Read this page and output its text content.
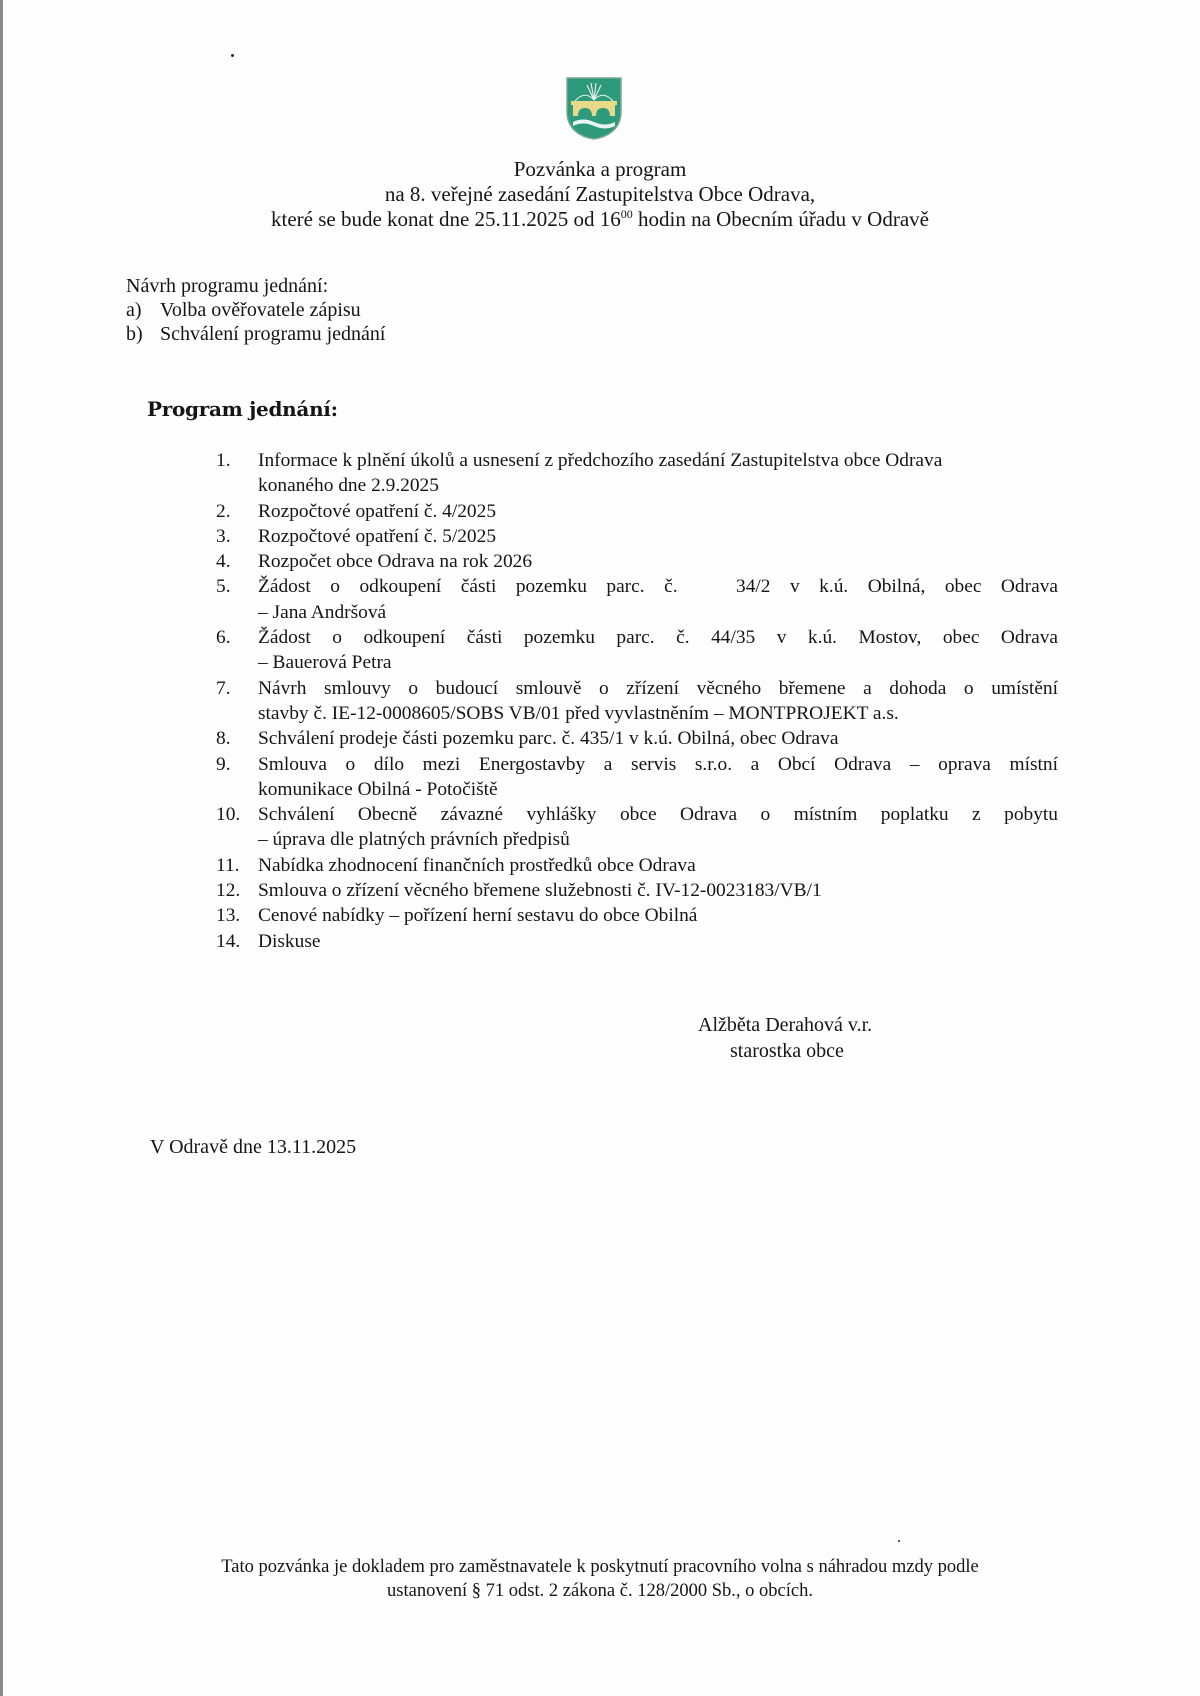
Pozvánka a program
na 8. veřejné zasedání Zastupitelstva Obce Odrava,
které se bude konat dne 25.11.2025 od $16^{00}$ hodin na Obecním úřadu v Odravě
Návrh programu jednání:
a) Volba ověřovatele zápisu
b) Schválení programu jednání
Program jednání:
1.	Informace k plnění úkolů a usnesení z předchozího zasedání Zastupitelstva obce Odrava
konaného dne 2.9.2025
2.	Rozpočtové opatření č. 4/2025
3.	Rozpočtové opatření č. 5/2025
4.	Rozpočet obce Odrava na rok 2026
5.	Žádost o odkoupení části pozemku parc. č.   34/2 v k.ú. Obilná, obec Odrava
– Jana Andršová
6.	Žádost o odkoupení části pozemku parc. č. 44/35 v k.ú. Mostov, obec Odrava
– Bauerová Petra
7.	Návrh smlouvy o budoucí smlouvě o zřízení věcného břemene a dohoda o umístění
stavby č. IE-12-0008605/SOBS VB/01 před vyvlastněním – MONTPROJEKT a.s.
8.	Schválení prodeje části pozemku parc. č. 435/1 v k.ú. Obilná, obec Odrava
9.	Smlouva o dílo mezi Energostavby a servis s.r.o. a Obcí Odrava – oprava místní
komunikace Obilná - Potočiště
10. Schválení Obecně závazné vyhlášky obce Odrava o místním poplatku z pobytu
– úprava dle platných právních předpisů
11. Nabídka zhodnocení finančních prostředků obce Odrava
12. Smlouva o zřízení věcného břemene služebnosti č. IV-12-0023183/VB/1
13. Cenové nabídky – pořízení herní sestavu do obce Obilná
14. Diskuse
Alžběta Derahová v.r.
starostka obce
V Odravě dne 13.11.2025
Tato pozvánka je dokladem pro zaměstnavatele k poskytnutí pracovního volna s náhradou mzdy podle
ustanovení § 71 odst. 2 zákona č. 128/2000 Sb., o obcích.
